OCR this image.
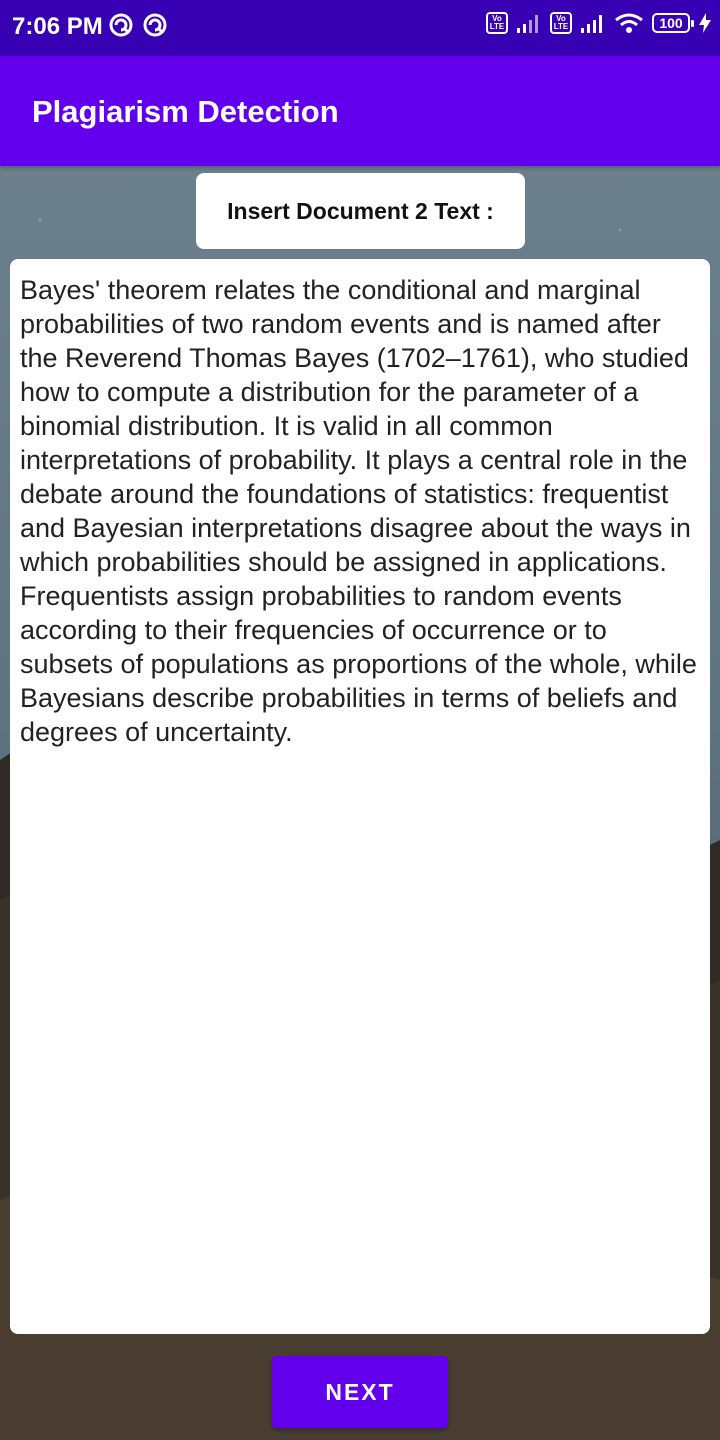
7:06 PM	Vo LTE
Vo LTE	100
Plagiarism Detection
Insert Document 2 Text :
Bayes' theorem relates the conditional and marginal probabilities of two random events and is named after the Reverend Thomas Bayes (1702–1761), who studied how to compute a distribution for the parameter of a binomial distribution. It is valid in all common interpretations of probability. It plays a central role in the debate around the foundations of statistics: frequentist and Bayesian interpretations disagree about the ways in which probabilities should be assigned in applications. Frequentists assign probabilities to random events according to their frequencies of occurrence or to subsets of populations as proportions of the whole, while Bayesians describe probabilities in terms of beliefs and degrees of uncertainty.
NEXT
